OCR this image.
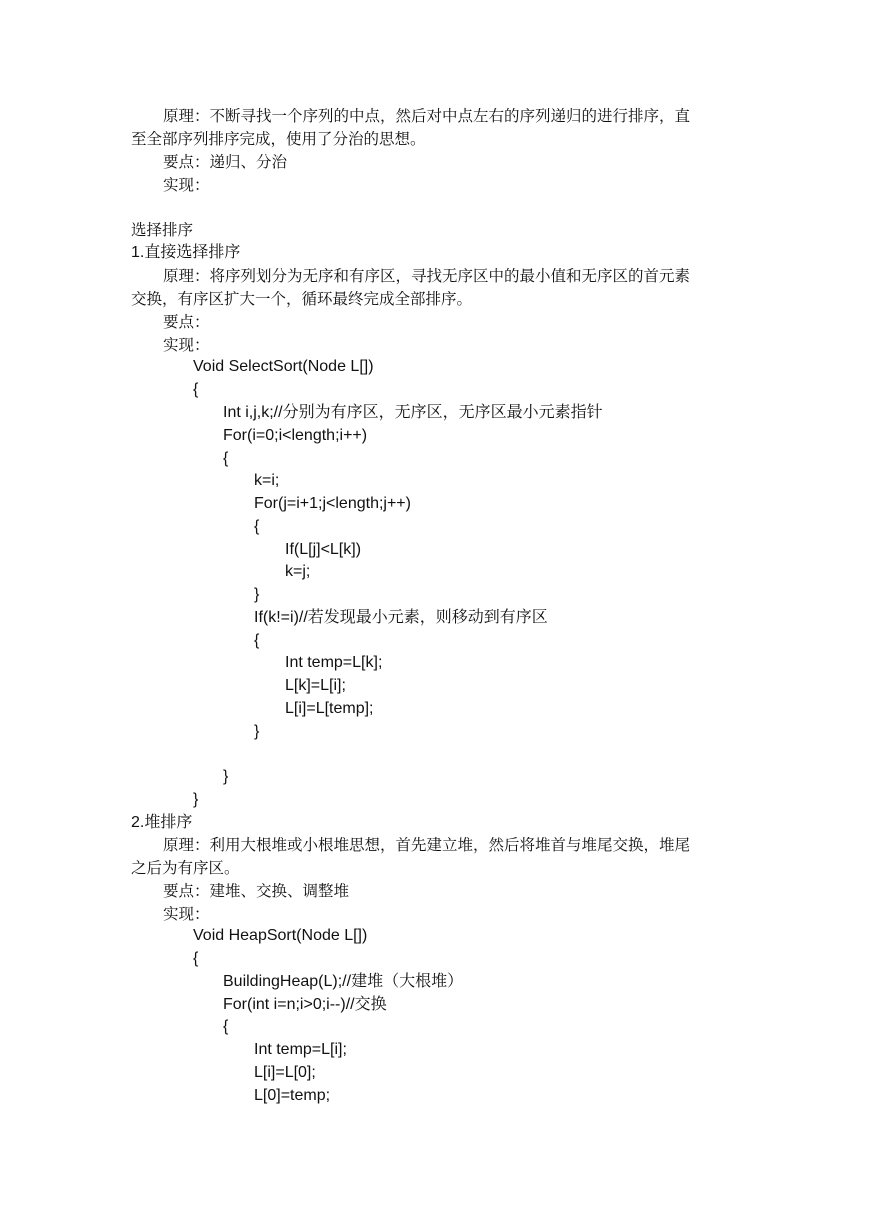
原理：不断寻找一个序列的中点，然后对中点左右的序列递归的进行排序，直
至全部序列排序完成，使用了分治的思想。
要点：递归、分治
实现：
选择排序
1.直接选择排序
原理：将序列划分为无序和有序区，寻找无序区中的最小值和无序区的首元素
交换，有序区扩大一个，循环最终完成全部排序。
要点：
实现：
Void SelectSort(Node L[])
{
Int i,j,k;//分别为有序区，无序区，无序区最小元素指针
For(i=0;i<length;i++)
{
k=i;
For(j=i+1;j<length;j++)
{
If(L[j]<L[k])
k=j;
}
If(k!=i)//若发现最小元素，则移动到有序区
{
Int temp=L[k];
L[k]=L[i];
L[i]=L[temp];
}
}
}
2.堆排序
原理：利用大根堆或小根堆思想，首先建立堆，然后将堆首与堆尾交换，堆尾
之后为有序区。
要点：建堆、交换、调整堆
实现：
Void HeapSort(Node L[])
{
BuildingHeap(L);//建堆（大根堆）
For(int i=n;i>0;i--)//交换
{
Int temp=L[i];
L[i]=L[0];
L[0]=temp;
